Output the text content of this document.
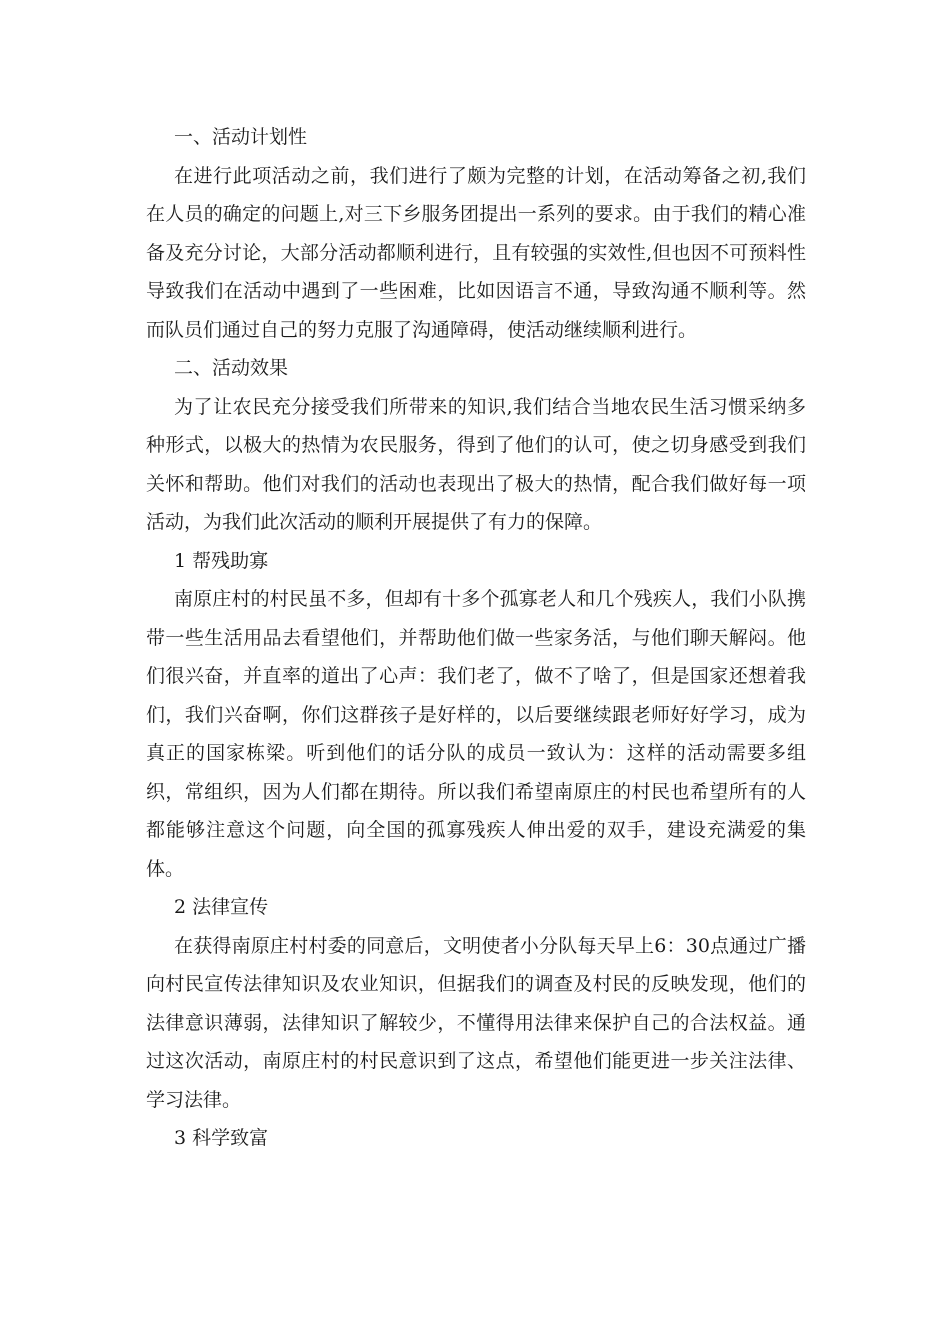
一、活动计划性

在进行此项活动之前，我们进行了颇为完整的计划，在活动筹备之初,我们在人员的确定的问题上,对三下乡服务团提出一系列的要求。由于我们的精心准备及充分讨论，大部分活动都顺利进行，且有较强的实效性,但也因不可预料性导致我们在活动中遇到了一些困难，比如因语言不通，导致沟通不顺利等。然而队员们通过自己的努力克服了沟通障碍，使活动继续顺利进行。

二、活动效果

为了让农民充分接受我们所带来的知识,我们结合当地农民生活习惯采纳多种形式，以极大的热情为农民服务，得到了他们的认可，使之切身感受到我们关怀和帮助。他们对我们的活动也表现出了极大的热情，配合我们做好每一项活动，为我们此次活动的顺利开展提供了有力的保障。

1 帮残助寡

南原庄村的村民虽不多，但却有十多个孤寡老人和几个残疾人，我们小队携带一些生活用品去看望他们，并帮助他们做一些家务活，与他们聊天解闷。他们很兴奋，并直率的道出了心声：我们老了，做不了啥了，但是国家还想着我们，我们兴奋啊，你们这群孩子是好样的，以后要继续跟老师好好学习，成为真正的国家栋梁。听到他们的话分队的成员一致认为：这样的活动需要多组织，常组织，因为人们都在期待。所以我们希望南原庄的村民也希望所有的人都能够注意这个问题，向全国的孤寡残疾人伸出爱的双手，建设充满爱的集体。

2 法律宣传

在获得南原庄村村委的同意后，文明使者小分队每天早上6：30点通过广播向村民宣传法律知识及农业知识，但据我们的调查及村民的反映发现，他们的法律意识薄弱，法律知识了解较少，不懂得用法律来保护自己的合法权益。通过这次活动，南原庄村的村民意识到了这点，希望他们能更进一步关注法律、学习法律。

3 科学致富
